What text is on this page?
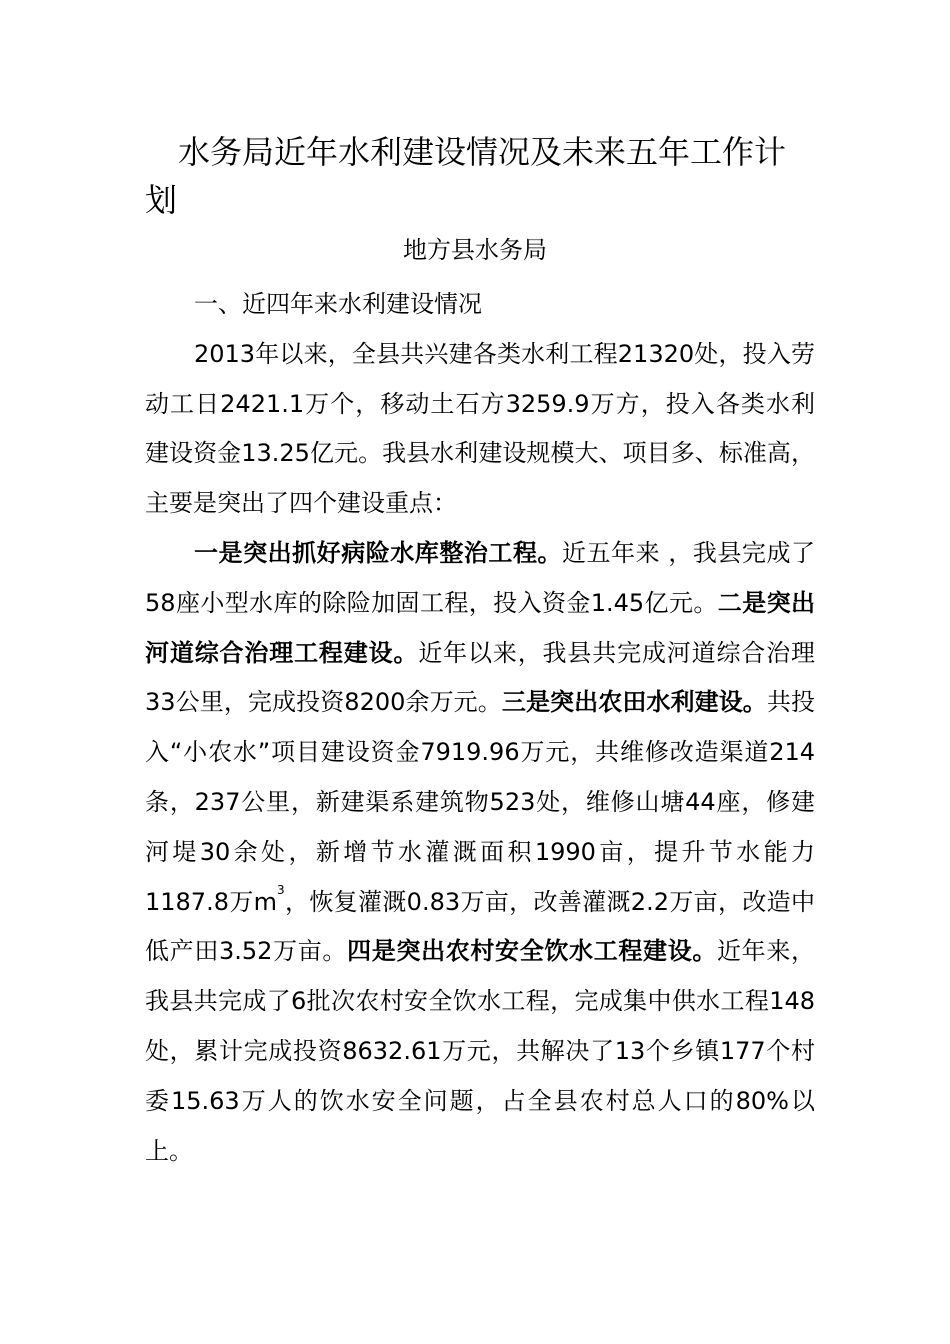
水务局近年水利建设情况及未来五年工作计划
地方县水务局

一、近四年来水利建设情况

2013年以来，全县共兴建各类水利工程21320处，投入劳动工日2421.1万个，移动土石方3259.9万方，投入各类水利建设资金13.25亿元。我县水利建设规模大、项目多、标准高，主要是突出了四个建设重点：

一是突出抓好病险水库整治工程。近五年来 ，我县完成了58座小型水库的除险加固工程，投入资金1.45亿元。二是突出河道综合治理工程建设。近年以来，我县共完成河道综合治理33公里，完成投资8200余万元。三是突出农田水利建设。共投入“小农水”项目建设资金7919.96万元，共维修改造渠道214条，237公里，新建渠系建筑物523处，维修山塘44座，修建河堤30余处，新增节水灌溉面积1990亩，提升节水能力1187.8万$m^3$，恢复灌溉0.83万亩，改善灌溉2.2万亩，改造中低产田3.52万亩。四是突出农村安全饮水工程建设。近年来，我县共完成了6批次农村安全饮水工程，完成集中供水工程148处，累计完成投资8632.61万元，共解决了13个乡镇177个村委15.63万人的饮水安全问题，占全县农村总人口的80%以上。
